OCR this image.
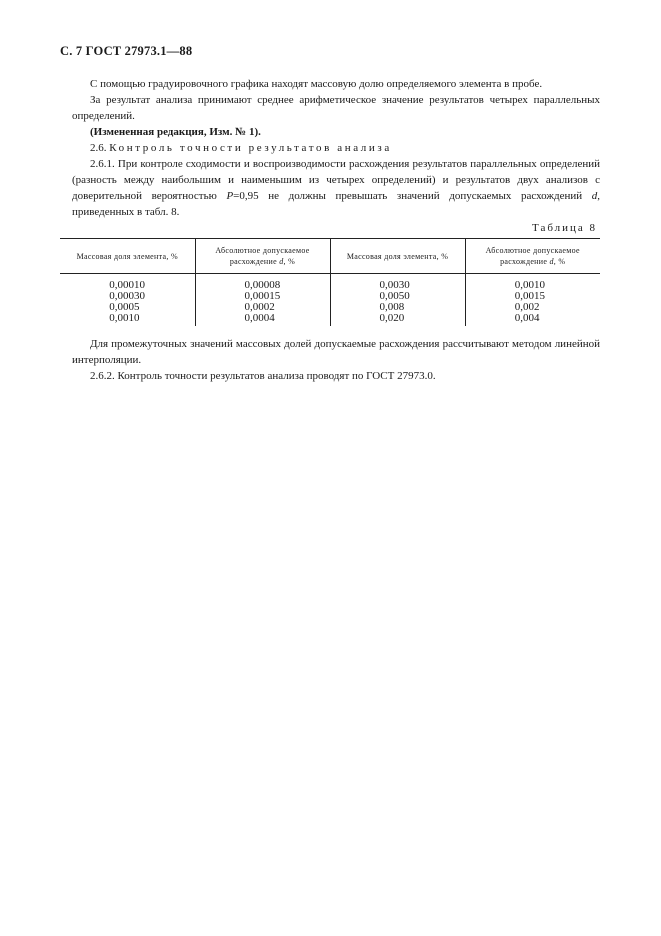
С. 7 ГОСТ 27973.1—88

С помощью градуировочного графика находят массовую долю определяемого элемента в пробе.

За результат анализа принимают среднее арифметическое значение результатов четырех параллельных определений.

(Измененная редакция, Изм. № 1).

2.6. Контроль точности результатов анализа

2.6.1. При контроле сходимости и воспроизводимости расхождения результатов параллельных определений (разность между наибольшим и наименьшим из четырех определений) и результатов двух анализов с доверительной вероятностью P=0,95 не должны превышать значений допускаемых расхождений d, приведенных в табл. 8.

Таблица 8
Массовая доля элемента, %	Абсолютное допускаемое расхождение d, %	Массовая доля элемента, %	Абсолютное допускаемое расхождение d, %
0,00010	0,00008	0,0030	0,0010
0,00030	0,00015	0,0050	0,0015
0,0005	0,0002	0,008	0,002
0,0010	0,0004	0,020	0,004

Для промежуточных значений массовых долей допускаемые расхождения рассчитывают методом линейной интерполяции.

2.6.2. Контроль точности результатов анализа проводят по ГОСТ 27973.0.
